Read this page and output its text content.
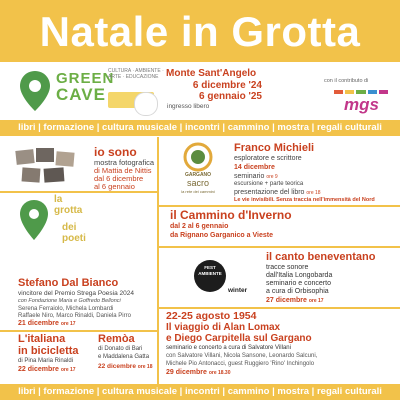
Natale in Grotta
GREEN
CAVE
CULTURA · AMBIENTE · ARTE · EDUCAZIONE Monte Sant'Angelo
6 dicembre '24
6 gennaio '25
ingresso libero
con il contributo di
mgs
libri | formazione | cultura musicale | incontri | cammino | mostra | regali culturali
io sono
mostra fotografica
di Mattia de Nittis
dal 6 dicembre
al 6 gennaio
GARGANO
sacro
la rete dei cammini
Franco Michieli
esploratore e scrittore
14 dicembre
seminario ore 9
escursione + parte teorica
presentazione del libro ore 18
Le vie invisibili. Senza traccia nell'immensità del Nord
la
grotta
dei
poeti
il Cammino d'Inverno
dal 2 al 6 gennaio
da Rignano Garganico a Vieste
Stefano Dal Bianco
vincitore del Premio Strega Poesia 2024
con Fondazione Maria e Goffredo Bellonci
Serena Ferraiolo, Michela Lombardi
Raffaele Niro, Marco Rinaldi, Daniela Pirro
21 dicembre ore 17
FEST
AMBIENTE
winter
il canto beneventano
tracce sonore
dall'Italia Longobarda
seminario e concerto
a cura di Orbisophia
27 dicembre ore 17
L'italiana
in bicicletta
di Pina Maria Rinaldi
22 dicembre ore 17
Remòa
di Donato di Bari
e Maddalena Gatta
22 dicembre ore 18
22-25 agosto 1954
Il viaggio di Alan Lomax
e Diego Carpitella sul Gargano
seminario e concerto a cura di Salvatore Villani
con Salvatore Villani, Nicola Sansone, Leonardo Salcuni,
Michele Pio Antonacci, guest Ruggiero 'Rino' Inchingolo
29 dicembre ore 18.30
libri | formazione | cultura musicale | incontri | cammino | mostra | regali culturali
